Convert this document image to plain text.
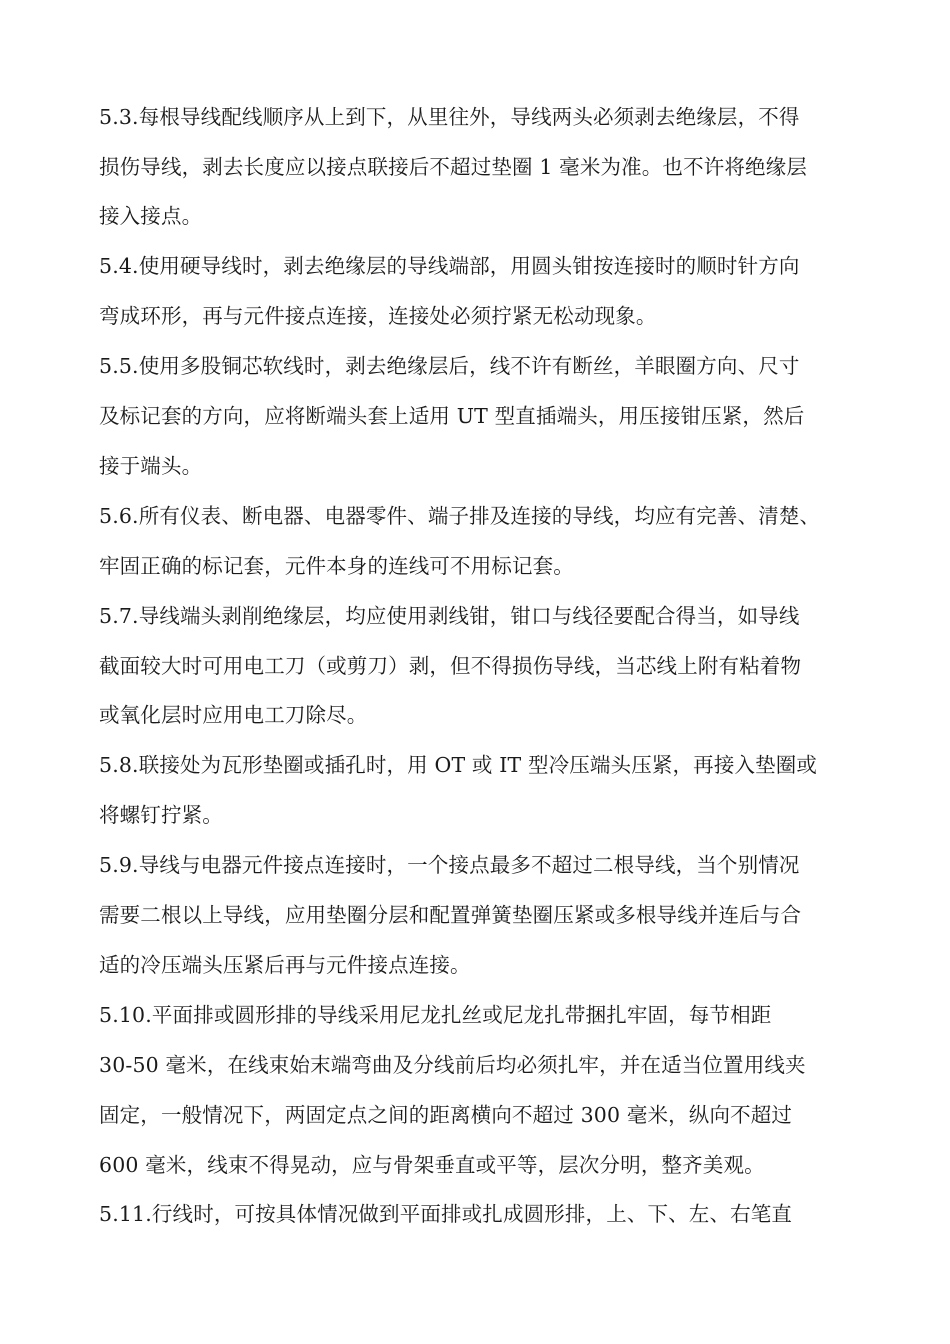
5.3.每根导线配线顺序从上到下，从里往外，导线两头必须剥去绝缘层，不得
损伤导线，剥去长度应以接点联接后不超过垫圈 1 毫米为准。也不许将绝缘层
接入接点。
5.4.使用硬导线时，剥去绝缘层的导线端部，用圆头钳按连接时的顺时针方向
弯成环形，再与元件接点连接，连接处必须拧紧无松动现象。
5.5.使用多股铜芯软线时，剥去绝缘层后，线不许有断丝，羊眼圈方向、尺寸
及标记套的方向，应将断端头套上适用 UT 型直插端头，用压接钳压紧，然后
接于端头。
5.6.所有仪表、断电器、电器零件、端子排及连接的导线，均应有完善、清楚、
牢固正确的标记套，元件本身的连线可不用标记套。
5.7.导线端头剥削绝缘层，均应使用剥线钳，钳口与线径要配合得当，如导线
截面较大时可用电工刀（或剪刀）剥，但不得损伤导线，当芯线上附有粘着物
或氧化层时应用电工刀除尽。
5.8.联接处为瓦形垫圈或插孔时，用 OT 或 IT 型冷压端头压紧，再接入垫圈或
将螺钉拧紧。
5.9.导线与电器元件接点连接时，一个接点最多不超过二根导线，当个别情况
需要二根以上导线，应用垫圈分层和配置弹簧垫圈压紧或多根导线并连后与合
适的冷压端头压紧后再与元件接点连接。
5.10.平面排或圆形排的导线采用尼龙扎丝或尼龙扎带捆扎牢固，每节相距
30-50 毫米，在线束始末端弯曲及分线前后均必须扎牢，并在适当位置用线夹
固定，一般情况下，两固定点之间的距离横向不超过 300 毫米，纵向不超过
600 毫米，线束不得晃动，应与骨架垂直或平等，层次分明，整齐美观。
5.11.行线时，可按具体情况做到平面排或扎成圆形排，上、下、左、右笔直
